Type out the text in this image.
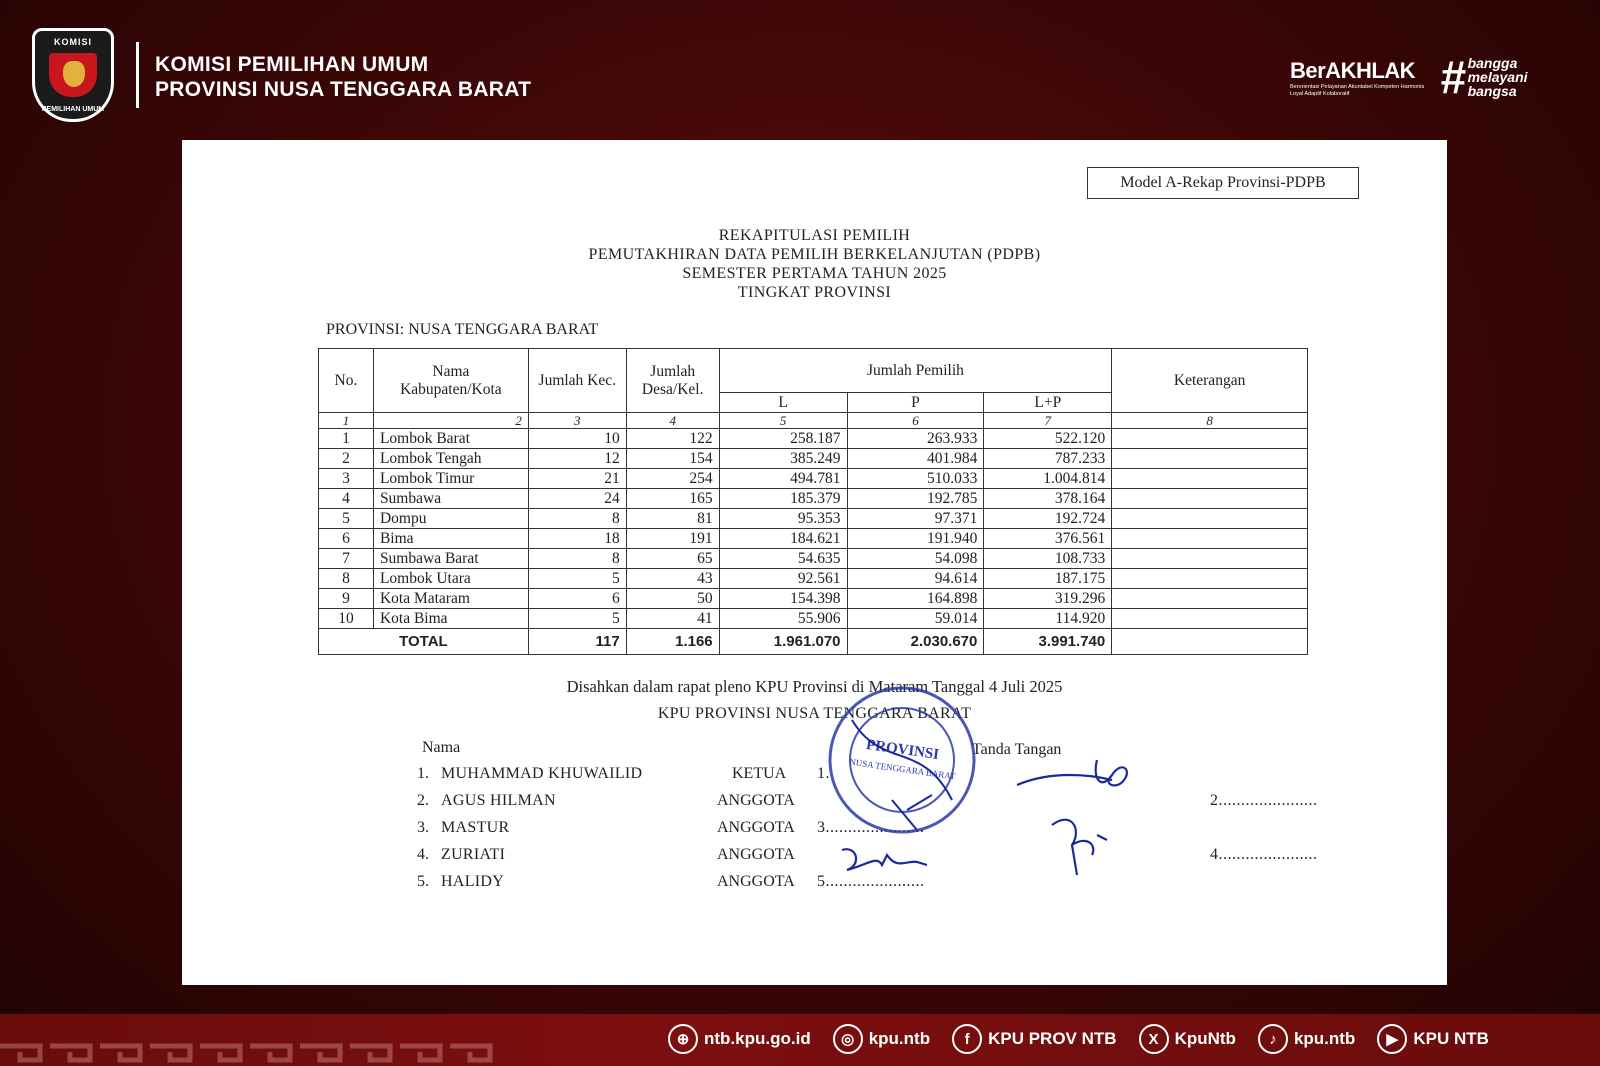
KOMISI
PEMILIHAN UMUM
KOMISI PEMILIHAN UMUM
PROVINSI NUSA TENGGARA BARAT
BerAKHLAK
Berorientasi Pelayanan Akuntabel Kompeten Harmonis Loyal Adaptif Kolaboratif	# bangga
melayani
bangsa
Model A-Rekap Provinsi-PDPB
REKAPITULASI PEMILIH
PEMUTAKHIRAN DATA PEMILIH BERKELANJUTAN (PDPB)
SEMESTER PERTAMA TAHUN 2025
TINGKAT PROVINSI
PROVINSI: NUSA TENGGARA BARAT
No.	Nama Kabupaten/Kota	Jumlah Kec.	Jumlah Desa/Kel.	Jumlah Pemilih			Keterangan
				L	P	L+P	
1	2	3	4	5	6	7	8
1	Lombok Barat	10	122	258.187	263.933	522.120	
2	Lombok Tengah	12	154	385.249	401.984	787.233	
3	Lombok Timur	21	254	494.781	510.033	1.004.814	
4	Sumbawa	24	165	185.379	192.785	378.164	
5	Dompu	8	81	95.353	97.371	192.724	
6	Bima	18	191	184.621	191.940	376.561	
7	Sumbawa Barat	8	65	54.635	54.098	108.733	
8	Lombok Utara	5	43	92.561	94.614	187.175	
9	Kota Mataram	6	50	154.398	164.898	319.296	
10	Kota Bima	5	41	55.906	59.014	114.920	
TOTAL		117	1.166	1.961.070	2.030.670	3.991.740	
Disahkan dalam rapat pleno KPU Provinsi di Mataram Tanggal 4 Juli 2025
KPU PROVINSI NUSA TENGGARA BARAT
Nama	Tanda Tangan
1. MUHAMMAD KHUWAILID	KETUA 1.
2. AGUS HILMAN	ANGGOTA	2......................
3. MASTUR	ANGGOTA 3......................
4. ZURIATI	ANGGOTA	4......................
5. HALIDY	ANGGOTA 5......................
PROVINSI
NUSA TENGGARA BARAT
⊕ ntb.kpu.go.id	◎ kpu.ntb	f	KPU PROV NTB	X KpuNtb	♪	kpu.ntb	▶ KPU NTB
